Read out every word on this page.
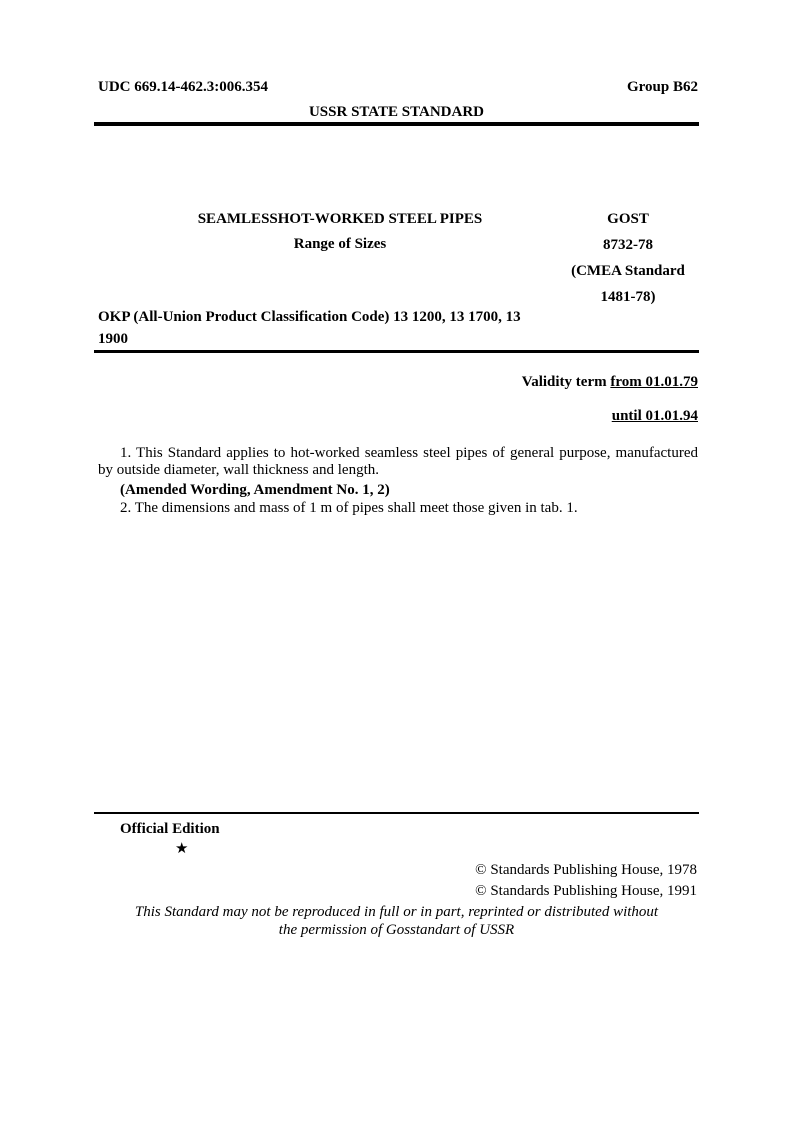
UDC 669.14-462.3:006.354	Group B62
USSR STATE STANDARD
SEAMLESSHOT-WORKED STEEL PIPES
Range of Sizes
GOST
8732-78
(CMEA Standard
1481-78)
OKP (All-Union Product Classification Code) 13 1200, 13 1700, 13
1900
Validity term from 01.01.79
until 01.01.94
1. This Standard applies to hot-worked seamless steel pipes of general purpose, manufactured by outside diameter, wall thickness and length.
(Amended Wording, Amendment No. 1, 2)
2. The dimensions and mass of 1 m of pipes shall meet those given in tab. 1.
Official Edition
★
© Standards Publishing House, 1978
© Standards Publishing House, 1991
This Standard may not be reproduced in full or in part, reprinted or distributed without
the permission of Gosstandart of USSR
